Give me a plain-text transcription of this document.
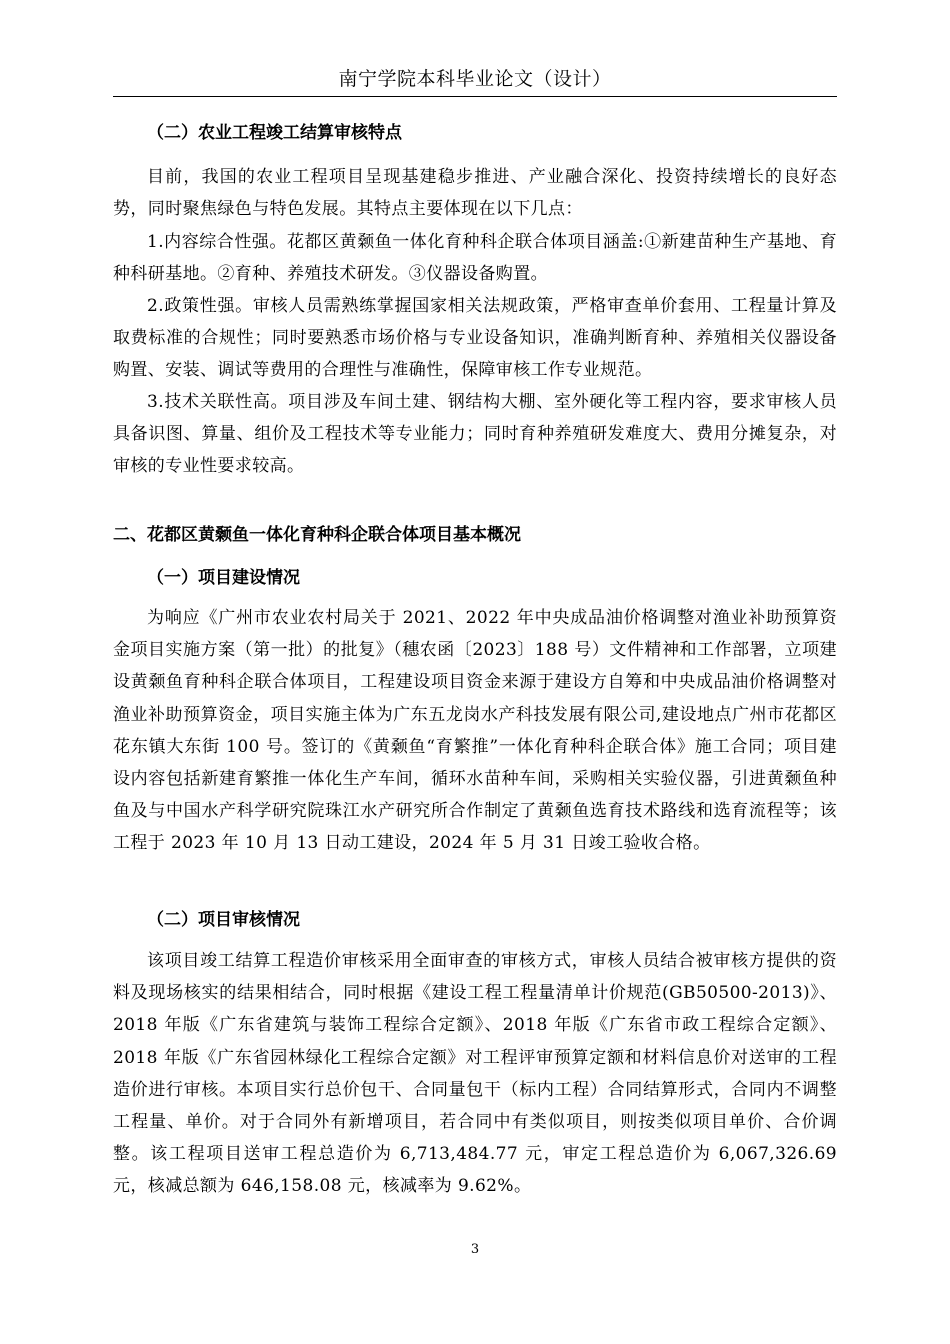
南宁学院本科毕业论文（设计）
（二）农业工程竣工结算审核特点

目前，我国的农业工程项目呈现基建稳步推进、产业融合深化、投资持续增长的良好态势，同时聚焦绿色与特色发展。其特点主要体现在以下几点：

1.内容综合性强。花都区黄颡鱼一体化育种科企联合体项目涵盖:①新建苗种生产基地、育种科研基地。②育种、养殖技术研发。③仪器设备购置。

2.政策性强。审核人员需熟练掌握国家相关法规政策，严格审查单价套用、工程量计算及取费标准的合规性；同时要熟悉市场价格与专业设备知识，准确判断育种、养殖相关仪器设备购置、安装、调试等费用的合理性与准确性，保障审核工作专业规范。

3.技术关联性高。项目涉及车间土建、钢结构大棚、室外硬化等工程内容，要求审核人员具备识图、算量、组价及工程技术等专业能力；同时育种养殖研发难度大、费用分摊复杂，对审核的专业性要求较高。

二、花都区黄颡鱼一体化育种科企联合体项目基本概况
（一）项目建设情况

为响应《广州市农业农村局关于 2021、2022 年中央成品油价格调整对渔业补助预算资金项目实施方案（第一批）的批复》（穗农函〔2023〕188 号）文件精神和工作部署，立项建设黄颡鱼育种科企联合体项目，工程建设项目资金来源于建设方自筹和中央成品油价格调整对渔业补助预算资金，项目实施主体为广东五龙岗水产科技发展有限公司,建设地点广州市花都区花东镇大东街 100 号。签订的《黄颡鱼“育繁推”一体化育种科企联合体》施工合同；项目建设内容包括新建育繁推一体化生产车间，循环水苗种车间，采购相关实验仪器，引进黄颡鱼种鱼及与中国水产科学研究院珠江水产研究所合作制定了黄颡鱼选育技术路线和选育流程等；该工程于 2023 年 10 月 13 日动工建设，2024 年 5 月 31 日竣工验收合格。

（二）项目审核情况

该项目竣工结算工程造价审核采用全面审查的审核方式，审核人员结合被审核方提供的资料及现场核实的结果相结合，同时根据《建设工程工程量清单计价规范(GB50500-2013)》、2018 年版《广东省建筑与装饰工程综合定额》、2018 年版《广东省市政工程综合定额》、2018 年版《广东省园林绿化工程综合定额》对工程评审预算定额和材料信息价对送审的工程造价进行审核。本项目实行总价包干、合同量包干（标内工程）合同结算形式，合同内不调整工程量、单价。对于合同外有新增项目，若合同中有类似项目，则按类似项目单价、合价调整。该工程项目送审工程总造价为 6,713,484.77 元，审定工程总造价为 6,067,326.69 元，核减总额为 646,158.08 元，核减率为 9.62%。

3
